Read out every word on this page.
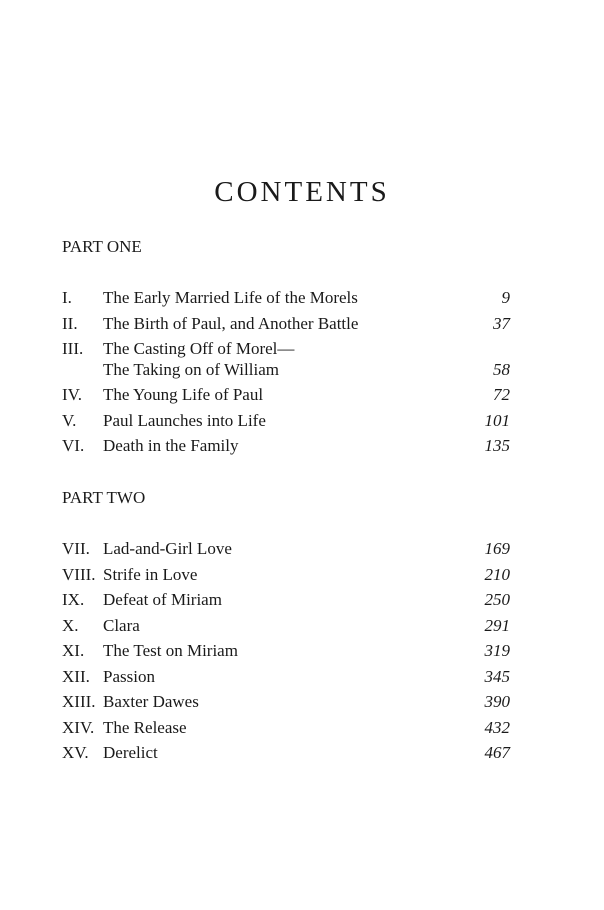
CONTENTS
PART ONE
I.	The Early Married Life of the Morels	9
II.	The Birth of Paul, and Another Battle	37
III.	The Casting Off of Morel—
The Taking on of William	58
IV.	The Young Life of Paul	72
V.	Paul Launches into Life	101
VI.	Death in the Family	135
PART TWO
VII. Lad-and-Girl Love	169
VIII. Strife in Love	210
IX.	Defeat of Miriam	250
X.	Clara	291
XI.	The Test on Miriam	319
XII. Passion	345
XIII. Baxter Dawes	390
XIV. The Release	432
XV. Derelict	467
